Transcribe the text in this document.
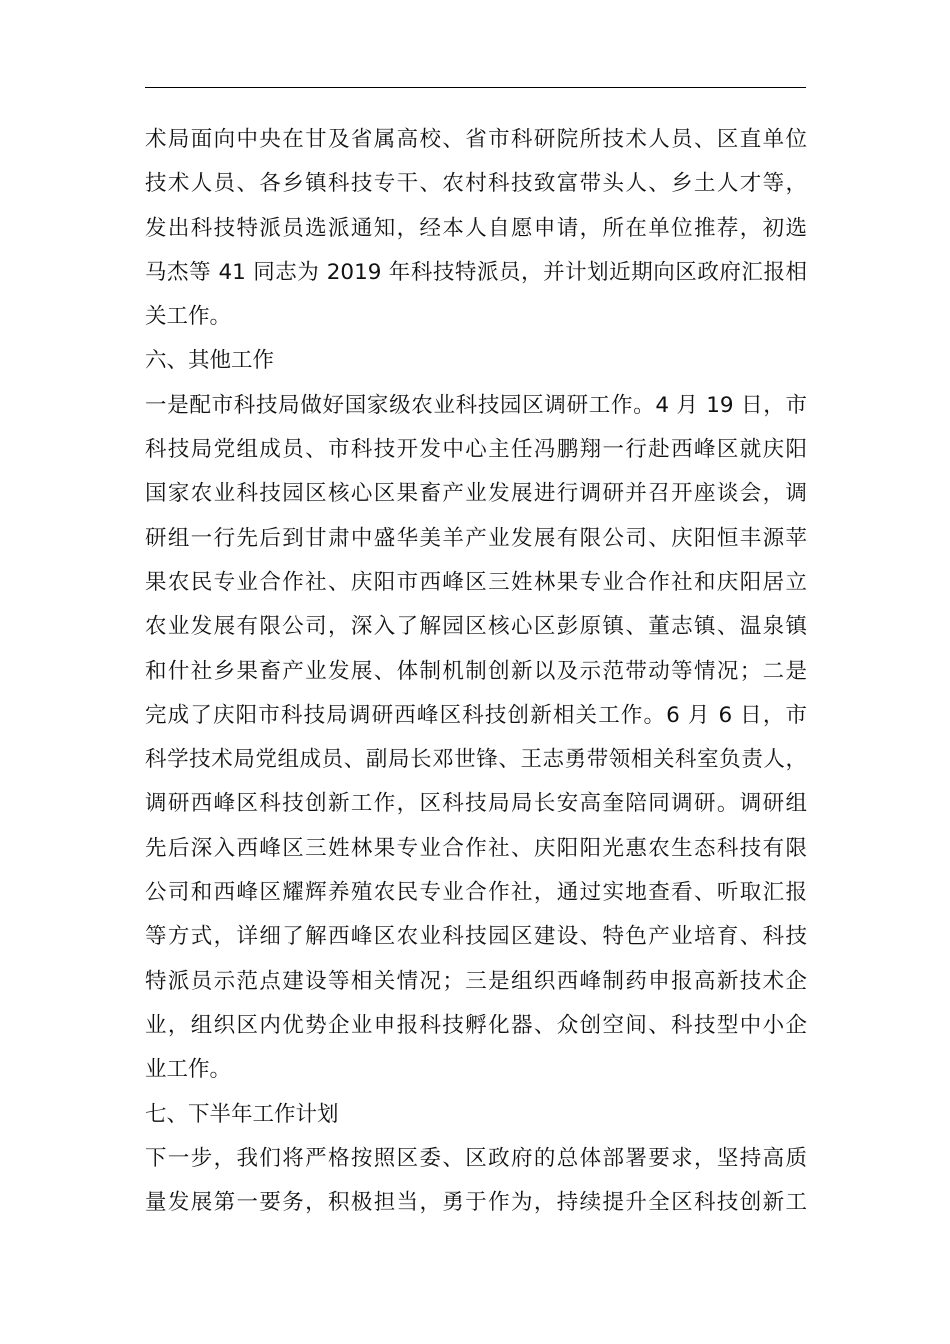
术局面向中央在甘及省属高校、省市科研院所技术人员、区直单位
技术人员、各乡镇科技专干、农村科技致富带头人、乡土人才等，
发出科技特派员选派通知，经本人自愿申请，所在单位推荐，初选
马杰等 41 同志为 2019 年科技特派员，并计划近期向区政府汇报相
关工作。
六、其他工作
一是配市科技局做好国家级农业科技园区调研工作。4 月 19 日，市
科技局党组成员、市科技开发中心主任冯鹏翔一行赴西峰区就庆阳
国家农业科技园区核心区果畜产业发展进行调研并召开座谈会，调
研组一行先后到甘肃中盛华美羊产业发展有限公司、庆阳恒丰源苹
果农民专业合作社、庆阳市西峰区三姓林果专业合作社和庆阳居立
农业发展有限公司，深入了解园区核心区彭原镇、董志镇、温泉镇
和什社乡果畜产业发展、体制机制创新以及示范带动等情况；二是
完成了庆阳市科技局调研西峰区科技创新相关工作。6 月 6 日，市
科学技术局党组成员、副局长邓世锋、王志勇带领相关科室负责人，
调研西峰区科技创新工作，区科技局局长安高奎陪同调研。调研组
先后深入西峰区三姓林果专业合作社、庆阳阳光惠农生态科技有限
公司和西峰区耀辉养殖农民专业合作社，通过实地查看、听取汇报
等方式，详细了解西峰区农业科技园区建设、特色产业培育、科技
特派员示范点建设等相关情况；三是组织西峰制药申报高新技术企
业，组织区内优势企业申报科技孵化器、众创空间、科技型中小企
业工作。
七、下半年工作计划
下一步，我们将严格按照区委、区政府的总体部署要求，坚持高质
量发展第一要务，积极担当，勇于作为，持续提升全区科技创新工
